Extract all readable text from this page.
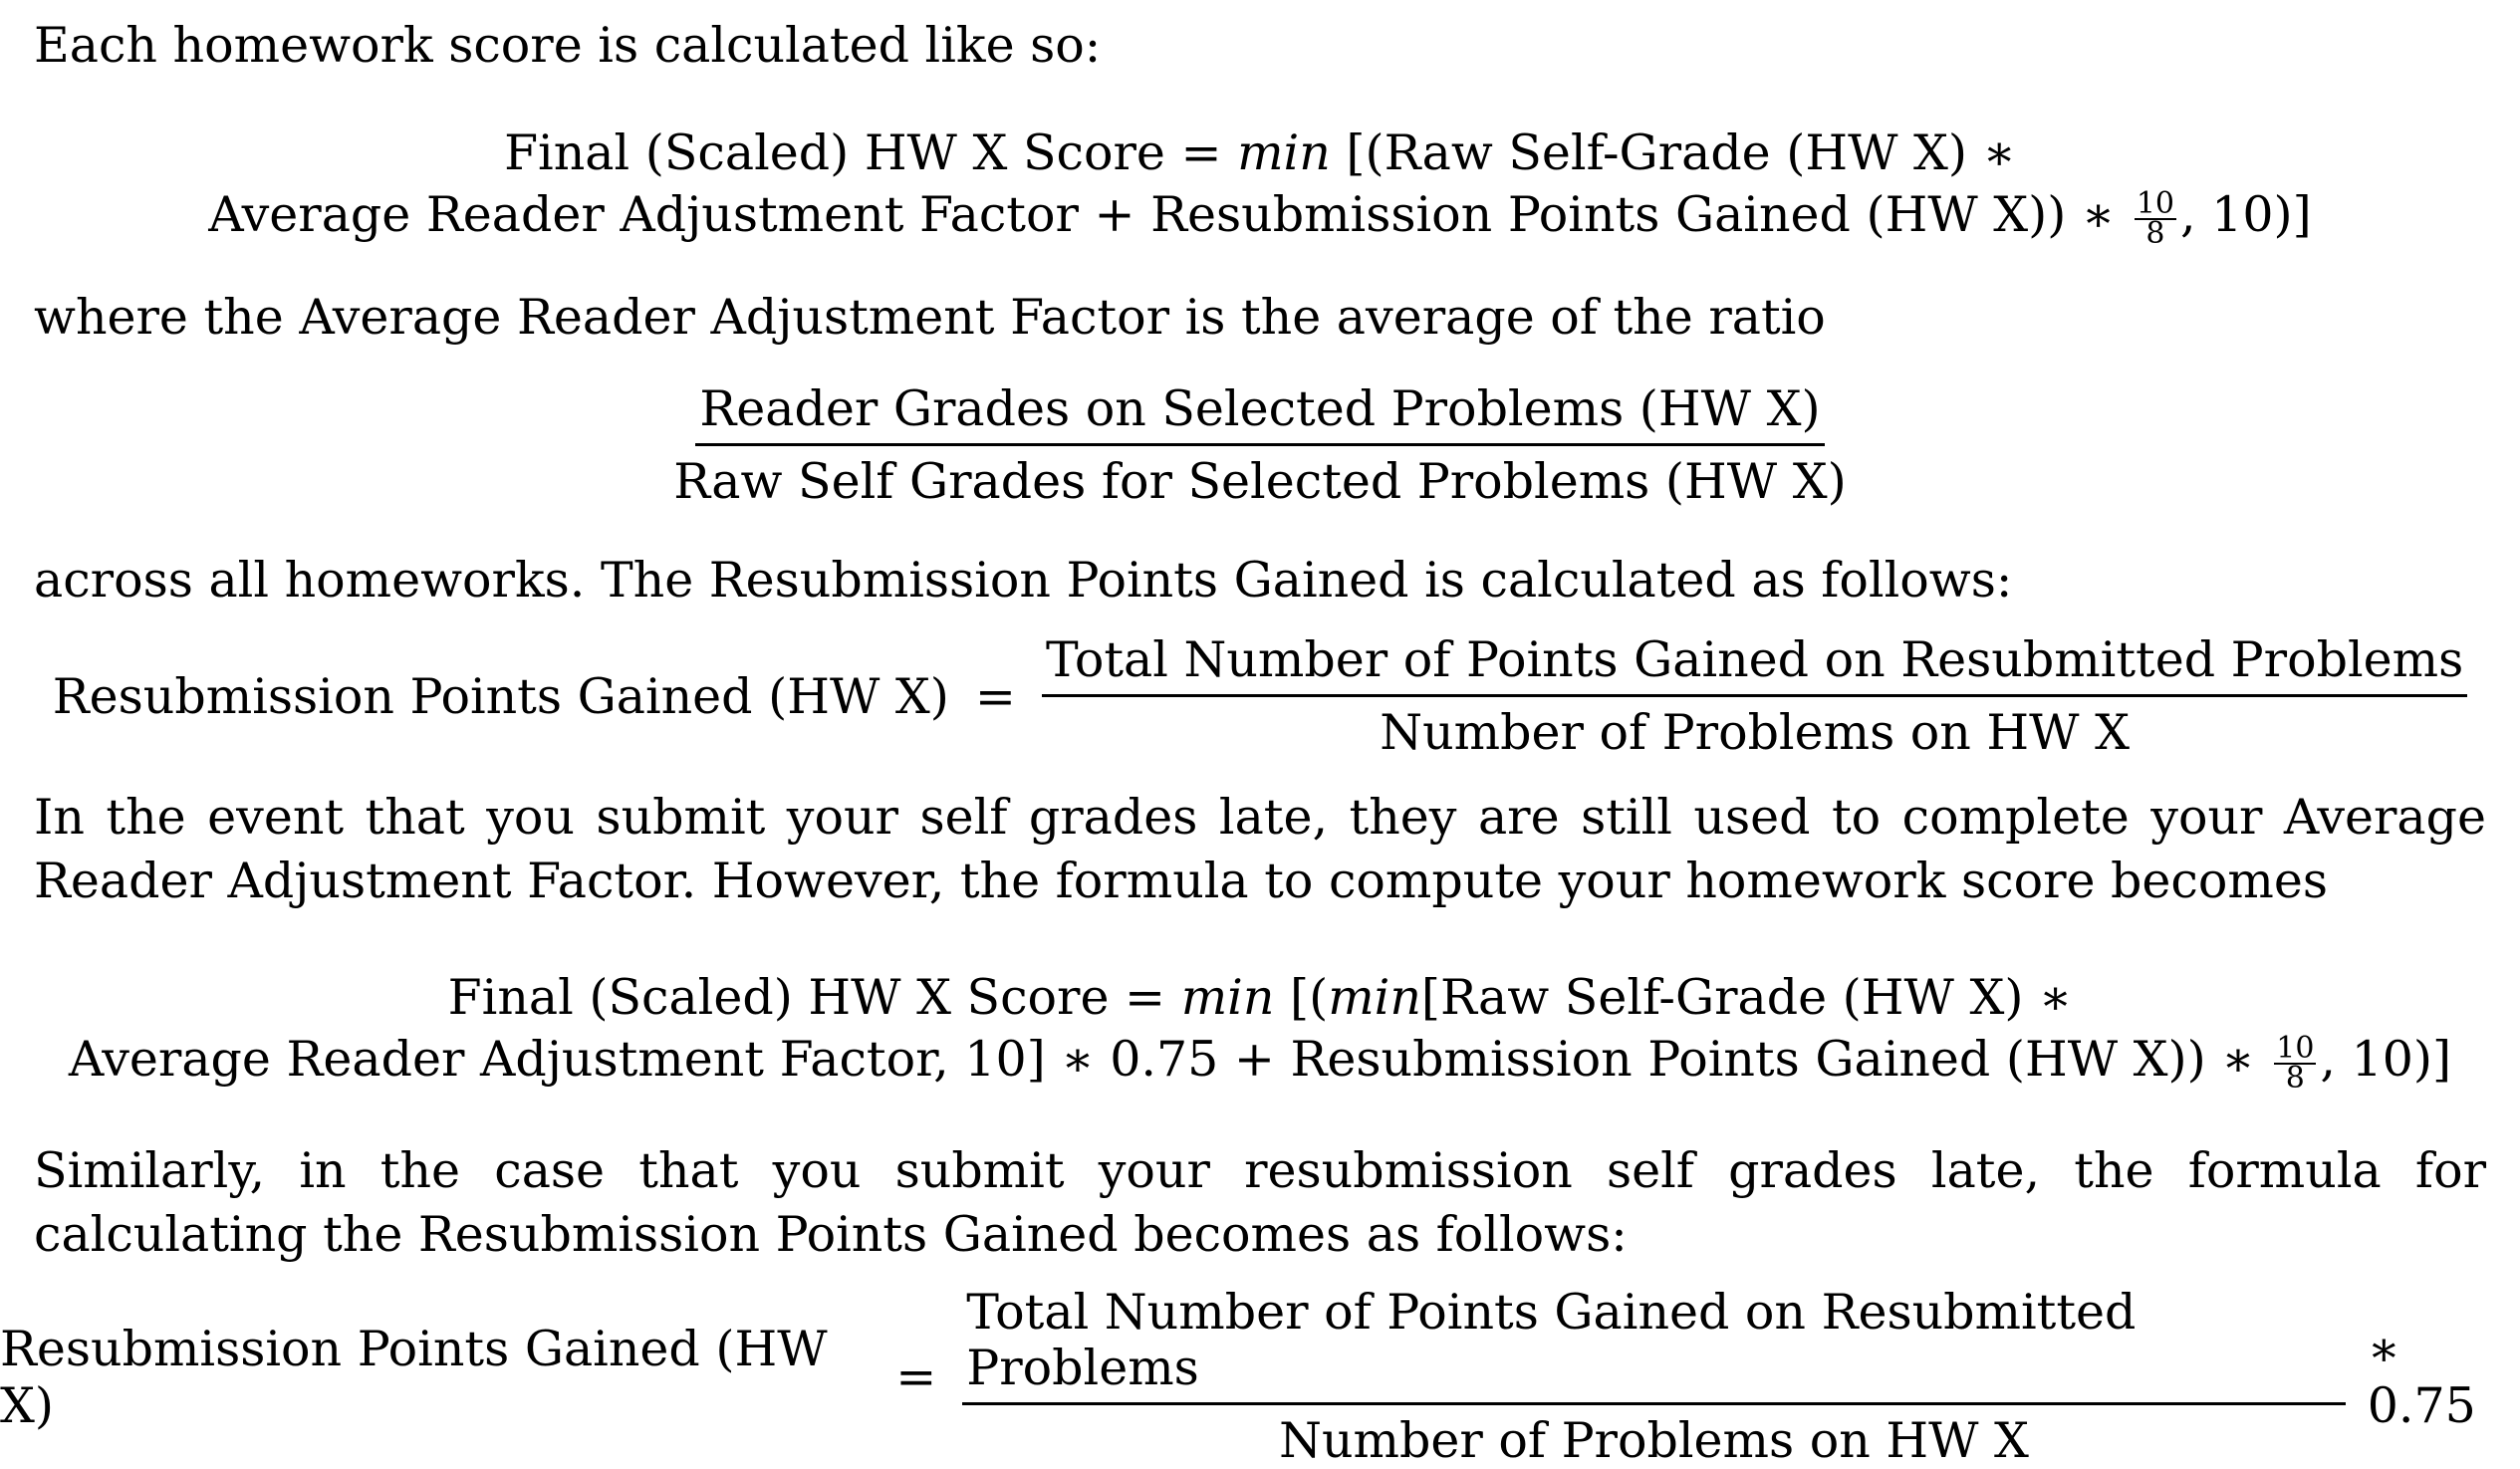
Each homework score is calculated like so:
Final (Scaled) HW X Score = min [(Raw Self-Grade (HW X) ∗
Average Reader Adjustment Factor + Resubmission Points Gained (HW X)) ∗ $\frac{10}{8}$ , 10)]
where the Average Reader Adjustment Factor is the average of the ratio
$\frac{\text{Reader Grades on Selected Problems (HW X)}}{\text{Raw Self Grades for Selected Problems (HW X)}}$
across all homeworks. The Resubmission Points Gained is calculated as follows:
Resubmission Points Gained (HW $X) = \frac{\text{Total Number of Points Gained on Resubmitted Problems}}{\text{Number of Problems on HW X}}$
In the event that you submit your self grades late, they are still used to complete your Average Reader Adjustment Factor. However, the formula to compute your homework score becomes
Final (Scaled) HW X Score = min [(min[Raw Self-Grade (HW X) ∗
Average Reader Adjustment Factor, 10] ∗ 0.75 + Resubmission Points Gained (HW X)) ∗ $\frac{10}{8}$ , 10)]
Similarly, in the case that you submit your resubmission self grades late, the formula for calculating the Resubmission Points Gained becomes as follows:
Resubmission Points Gained (HW X)	= $\frac{\text{Total Number of Points Gained on Resubmitted Problems}}{\text{Number of Problems on HW X}}$ ∗ 0.75
